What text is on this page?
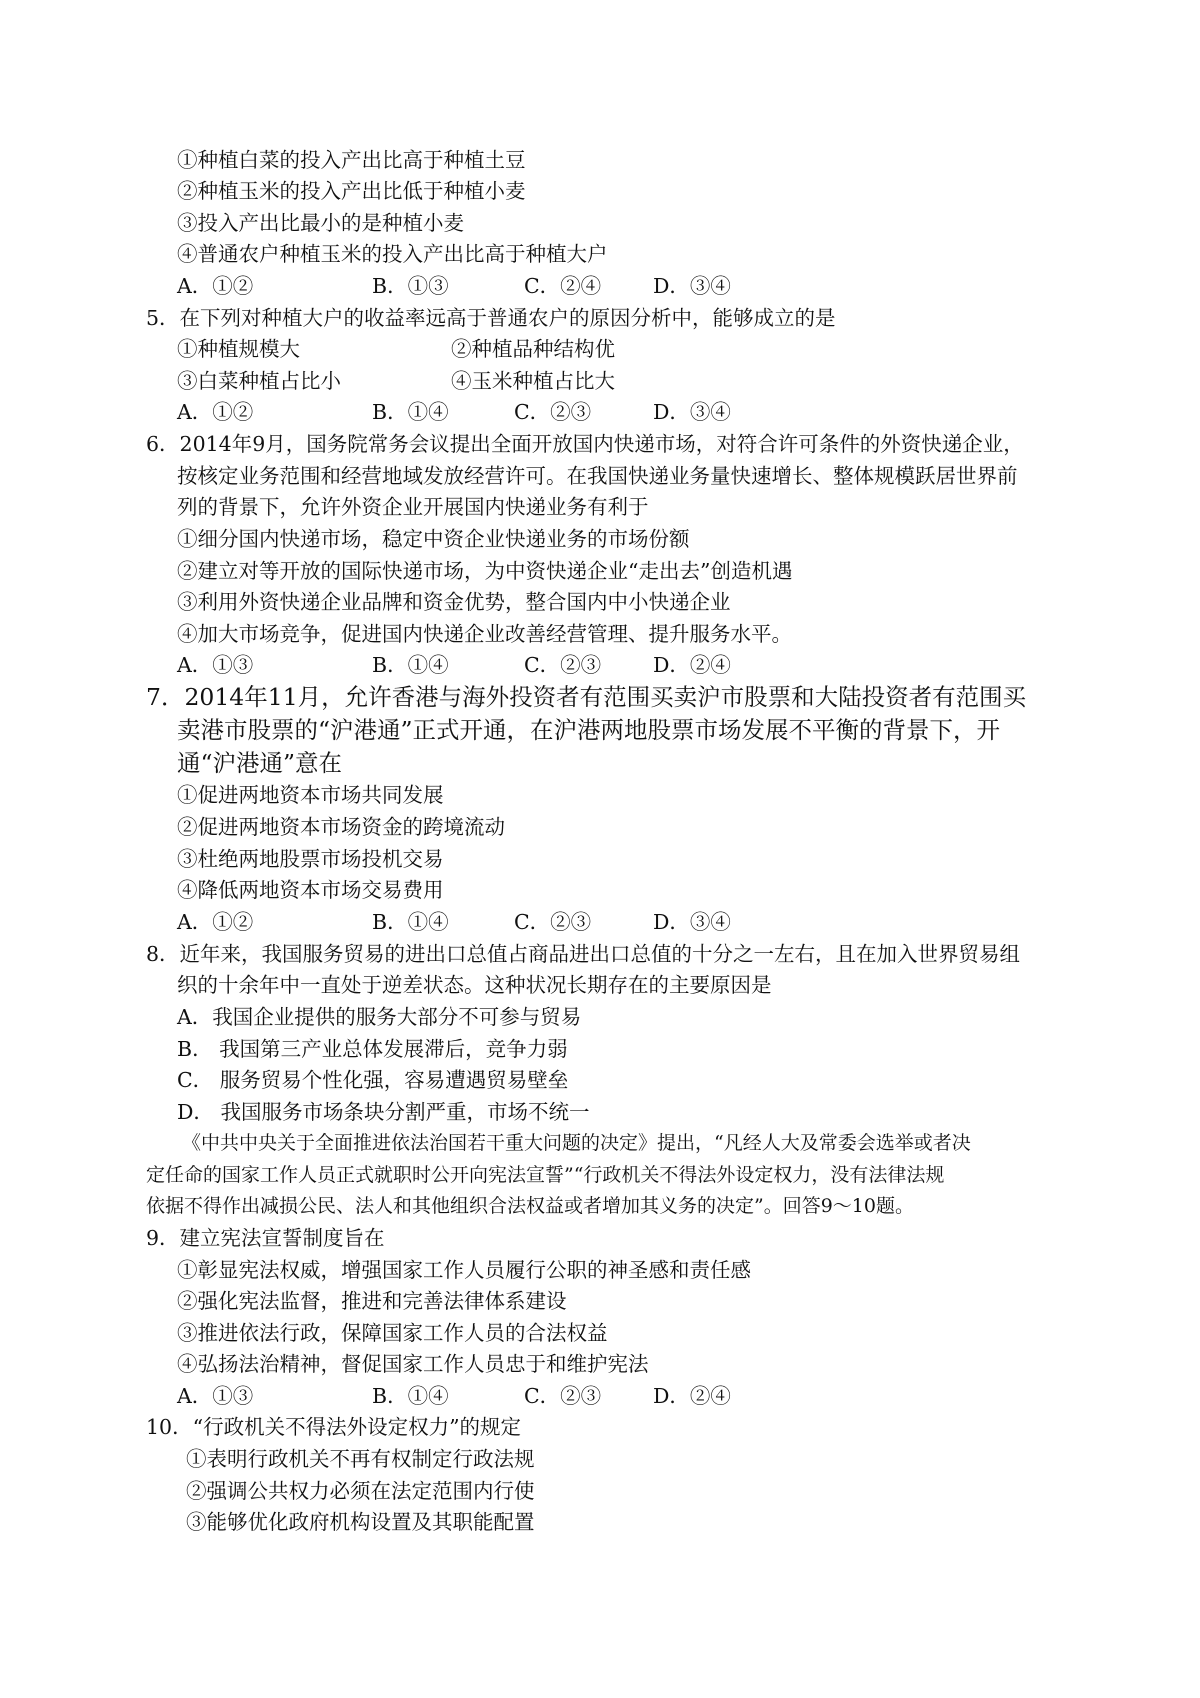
①种植白菜的投入产出比高于种植土豆
②种植玉米的投入产出比低于种植小麦
③投入产出比最小的是种植小麦
④普通农户种植玉米的投入产出比高于种植大户
A．①②	B．①③	C．②④	D．③④
5．在下列对种植大户的收益率远高于普通农户的原因分析中，能够成立的是
①种植规模大	②种植品种结构优
③白菜种植占比小	④玉米种植占比大
A．①②	B．①④	C．②③	D．③④
6．2014年9月，国务院常务会议提出全面开放国内快递市场，对符合许可条件的外资快递企业，
按核定业务范围和经营地域发放经营许可。在我国快递业务量快速增长、整体规模跃居世界前
列的背景下，允许外资企业开展国内快递业务有利于
①细分国内快递市场，稳定中资企业快递业务的市场份额
②建立对等开放的国际快递市场，为中资快递企业“走出去”创造机遇
③利用外资快递企业品牌和资金优势，整合国内中小快递企业
④加大市场竞争，促进国内快递企业改善经营管理、提升服务水平。
A．①③	B．①④	C．②③	D．②④
7．2014年11月，允许香港与海外投资者有范围买卖沪市股票和大陆投资者有范围买
卖港市股票的“沪港通”正式开通，在沪港两地股票市场发展不平衡的背景下，开
通“沪港通”意在
①促进两地资本市场共同发展
②促进两地资本市场资金的跨境流动
③杜绝两地股票市场投机交易
④降低两地资本市场交易费用
A．①②	B．①④	C．②③	D．③④
8．近年来，我国服务贸易的进出口总值占商品进出口总值的十分之一左右，且在加入世界贸易组
织的十余年中一直处于逆差状态。这种状况长期存在的主要原因是
A．我国企业提供的服务大部分不可参与贸易
B． 我国第三产业总体发展滞后，竞争力弱
C． 服务贸易个性化强，容易遭遇贸易壁垒
D． 我国服务市场条块分割严重，市场不统一
《中共中央关于全面推进依法治国若干重大问题的决定》提出，“凡经人大及常委会选举或者决
定任命的国家工作人员正式就职时公开向宪法宣誓”“行政机关不得法外设定权力，没有法律法规
依据不得作出减损公民、法人和其他组织合法权益或者增加其义务的决定”。回答9～10题。
9．建立宪法宣誓制度旨在
①彰显宪法权威，增强国家工作人员履行公职的神圣感和责任感
②强化宪法监督，推进和完善法律体系建设
③推进依法行政，保障国家工作人员的合法权益
④弘扬法治精神，督促国家工作人员忠于和维护宪法
A．①③	B．①④	C．②③	D．②④
10．“行政机关不得法外设定权力”的规定
①表明行政机关不再有权制定行政法规
②强调公共权力必须在法定范围内行使
③能够优化政府机构设置及其职能配置
